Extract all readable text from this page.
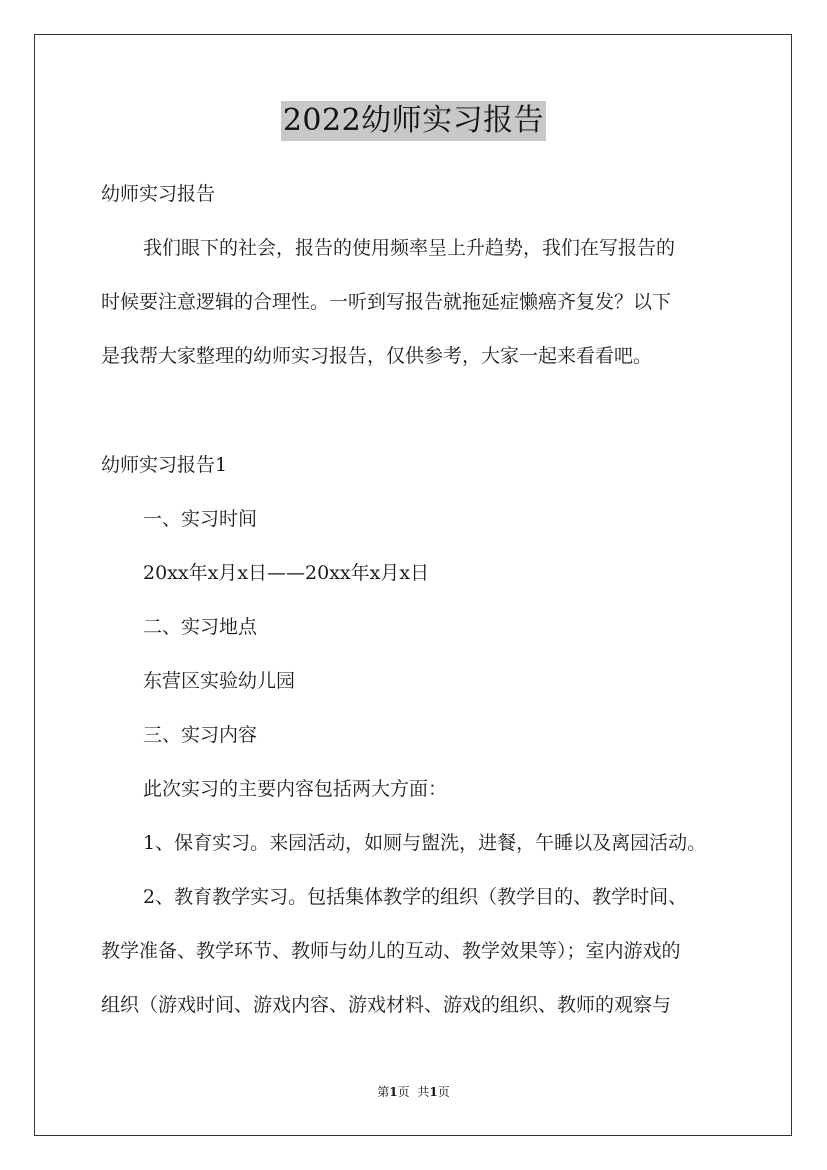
2022幼师实习报告
幼师实习报告
我们眼下的社会，报告的使用频率呈上升趋势，我们在写报告的
时候要注意逻辑的合理性。一听到写报告就拖延症懒癌齐复发？以下
是我帮大家整理的幼师实习报告，仅供参考，大家一起来看看吧。
幼师实习报告1
一、实习时间
20xx年x月x日——20xx年x月x日
二、实习地点
东营区实验幼儿园
三、实习内容
此次实习的主要内容包括两大方面：
1、保育实习。来园活动，如厕与盥洗，进餐，午睡以及离园活动。
2、教育教学实习。包括集体教学的组织（教学目的、教学时间、
教学准备、教学环节、教师与幼儿的互动、教学效果等）；室内游戏的
组织（游戏时间、游戏内容、游戏材料、游戏的组织、教师的观察与
第1页 共1页
